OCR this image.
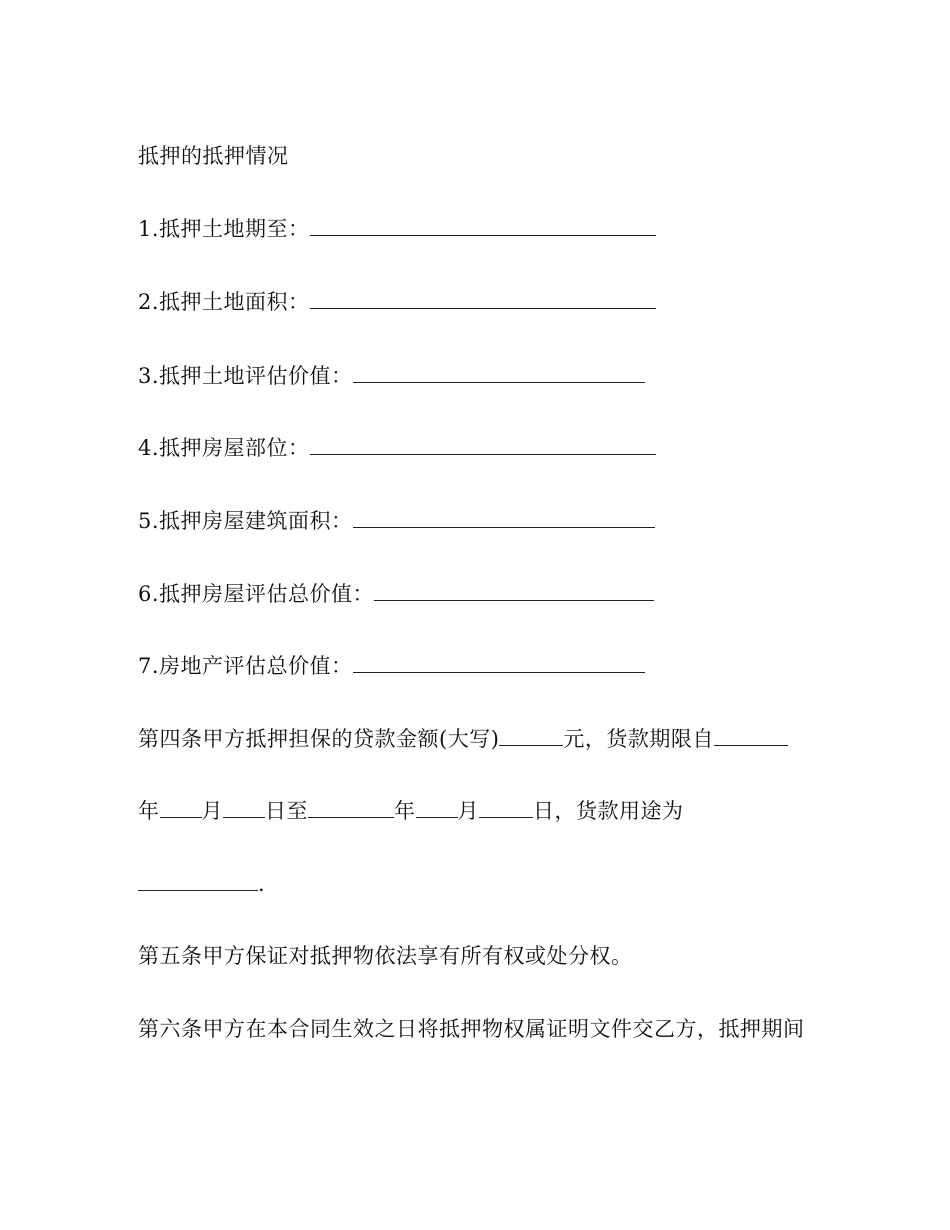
抵押的抵押情况
1.抵押土地期至：
2.抵押土地面积：
3.抵押土地评估价值：
4.抵押房屋部位：
5.抵押房屋建筑面积：
6.抵押房屋评估总价值：
7.房地产评估总价值：
第四条甲方抵押担保的贷款金额(大写)	元，货款期限自
年 月 日至	年 月	日，货款用途为
.
第五条甲方保证对抵押物依法享有所有权或处分权。
第六条甲方在本合同生效之日将抵押物权属证明文件交乙方，抵押期间
